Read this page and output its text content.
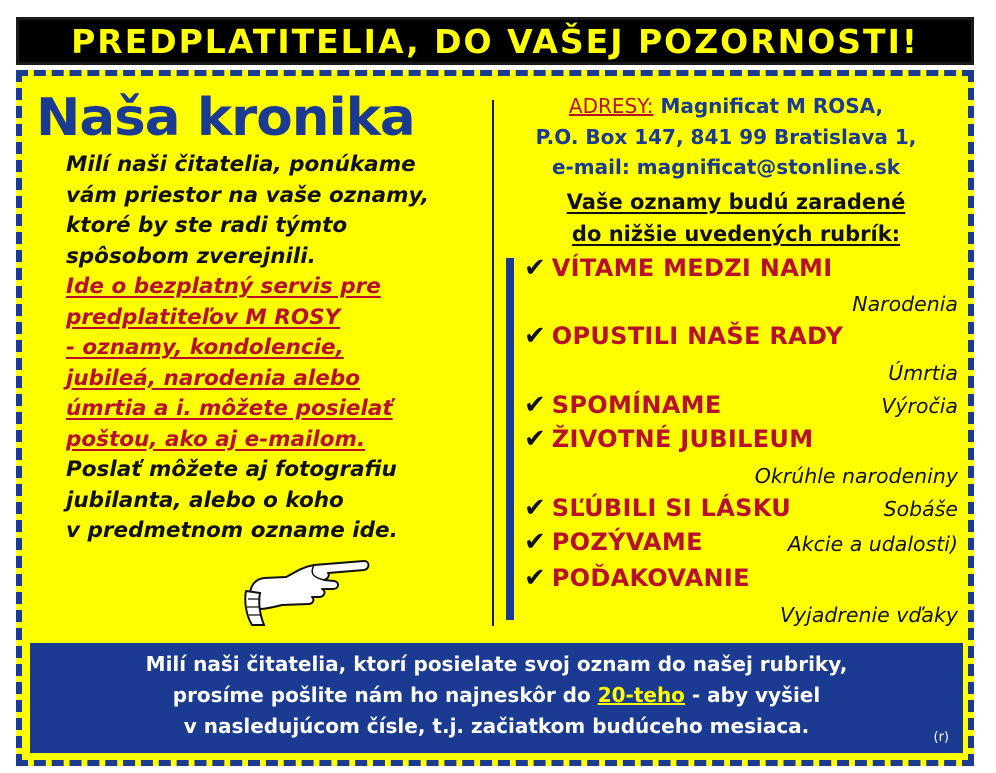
PREDPLATITELIA, DO VAŠEJ POZORNOSTI!
Naša kronika
Milí naši čitatelia, ponúkame
vám priestor na vaše oznamy,
ktoré by ste radi týmto
spôsobom zverejnili.
Ide o bezplatný servis pre
predplatiteľov M ROSY
- oznamy, kondolencie,
jubileá, narodenia alebo
úmrtia a i. môžete posielať
poštou, ako aj e-mailom.
Poslať môžete aj fotografiu
jubilanta, alebo o koho
v predmetnom ozname ide.
ADRESY: Magnificat M ROSA,
P.O. Box 147, 841 99 Bratislava 1,
e-mail: magnificat@stonline.sk
Vaše oznamy budú zaradené
do nižšie uvedených rubrík:
✔ VÍTAME MEDZI NAMI
Narodenia
✔ OPUSTILI NAŠE RADY
Úmrtia
✔ SPOMÍNAME	Výročia
✔ ŽIVOTNÉ JUBILEUM
Okrúhle narodeniny
✔ SĽÚBILI SI LÁSKU	Sobáše
✔ POZÝVAME	Akcie a udalosti)
✔ POĎAKOVANIE
Vyjadrenie vďaky
Milí naši čitatelia, ktorí posielate svoj oznam do našej rubriky,
prosíme pošlite nám ho najneskôr do 20-teho - aby vyšiel
v nasledujúcom čísle, t.j. začiatkom budúceho mesiaca.	(r)
